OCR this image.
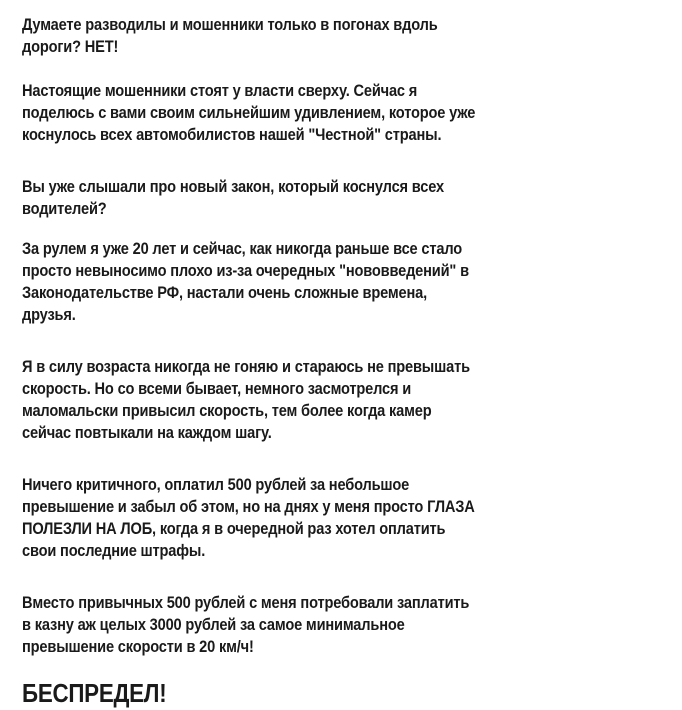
Думаете разводилы и мошенники только в погонах вдоль
дороги? НЕТ!
Настоящие мошенники стоят у власти сверху. Сейчас я
поделюсь с вами своим сильнейшим удивлением, которое уже
коснулось всех автомобилистов нашей "Честной" страны.
Вы уже слышали про новый закон, который коснулся всех
водителей?
За рулем я уже 20 лет и сейчас, как никогда раньше все стало
просто невыносимо плохо из-за очередных "нововведений" в
Законодательстве РФ, настали очень сложные времена,
друзья.
Я в силу возраста никогда не гоняю и стараюсь не превышать
скорость. Но со всеми бывает, немного засмотрелся и
маломальски привысил скорость, тем более когда камер
сейчас повтыкали на каждом шагу.
Ничего критичного, оплатил 500 рублей за небольшое
превышение и забыл об этом, но на днях у меня просто ГЛАЗА
ПОЛЕЗЛИ НА ЛОБ, когда я в очередной раз хотел оплатить
свои последние штрафы.
Вместо привычных 500 рублей с меня потребовали заплатить
в казну аж целых 3000 рублей за самое минимальное
превышение скорости в 20 км/ч!
БЕСПРЕДЕЛ!
